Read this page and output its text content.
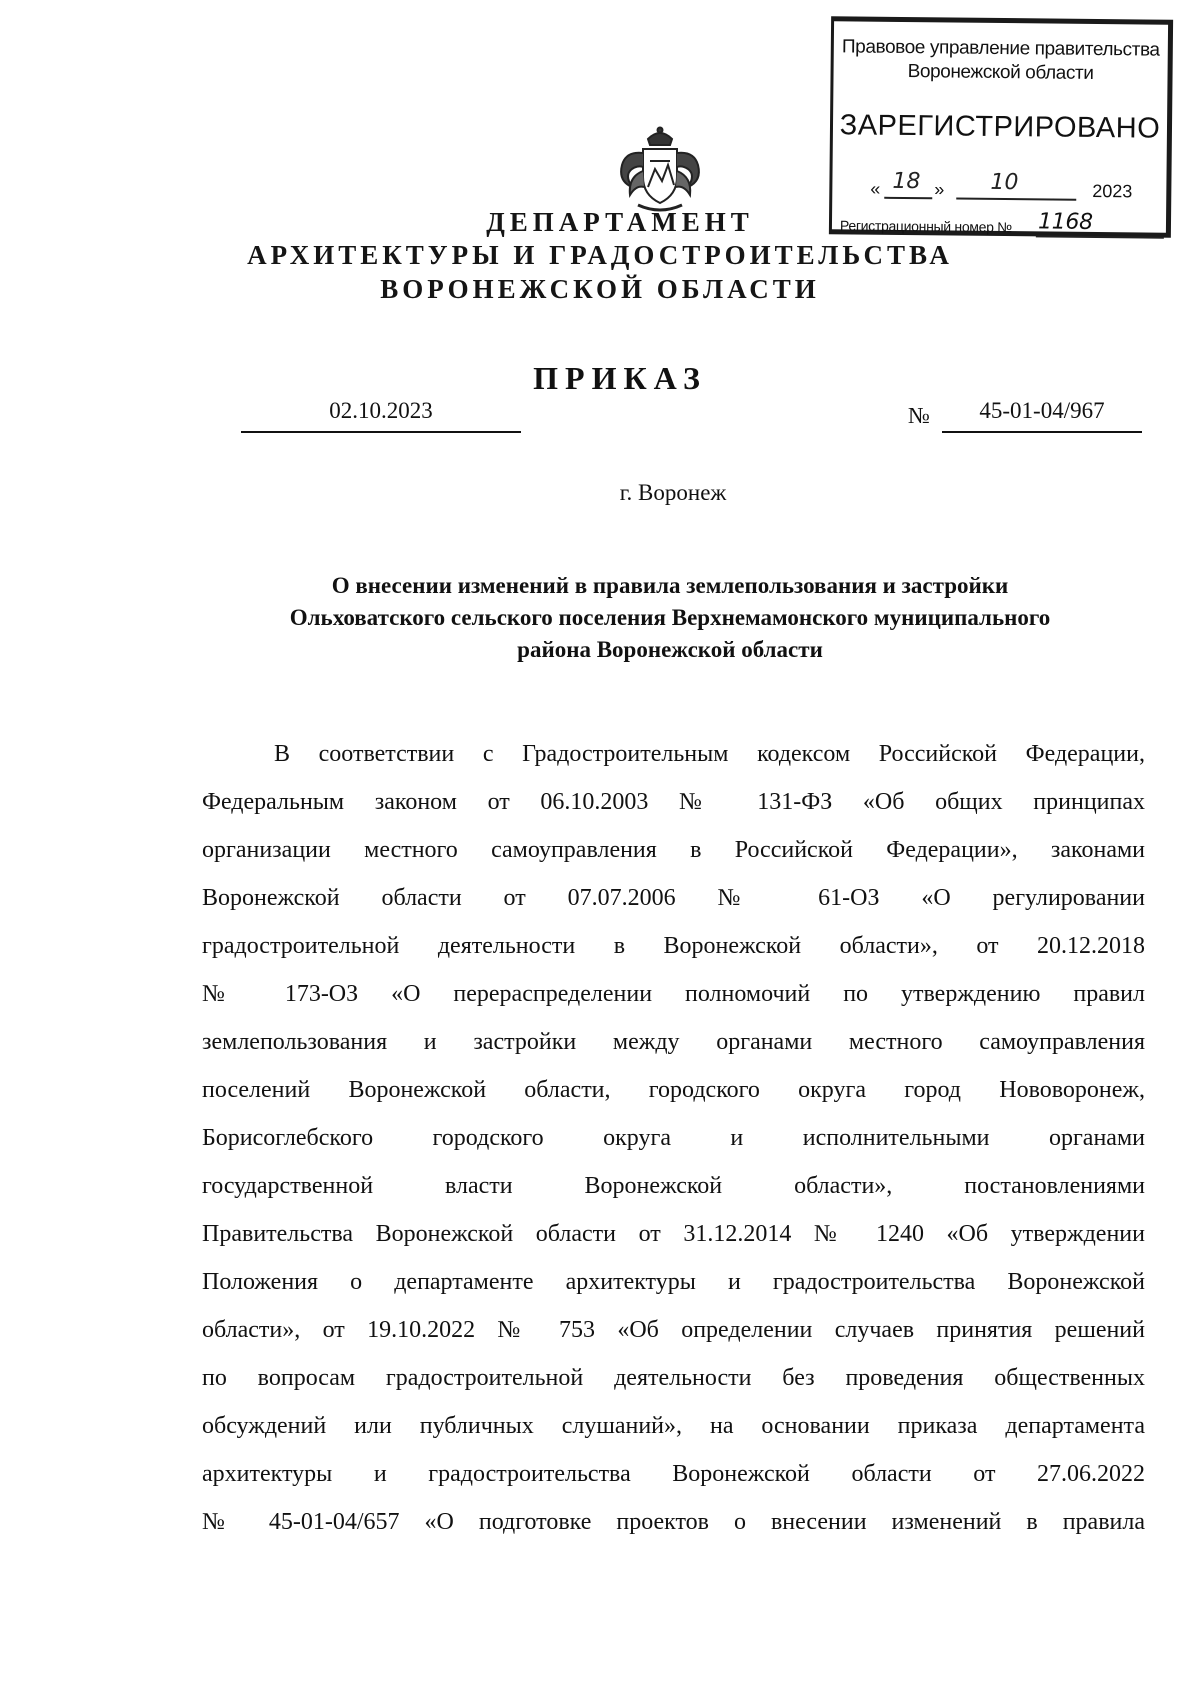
Правовое управление правительства
Воронежской области
ЗАРЕГИСТРИРОВАНО
« 18 » 10	2023
Регистрационный номер № 1168
ДЕПАРТАМЕНТ
АРХИТЕКТУРЫ И ГРАДОСТРОИТЕЛЬСТВА
ВОРОНЕЖСКОЙ ОБЛАСТИ
ПРИКАЗ
02.10.2023	№	45-01-04/967
г. Воронеж
О внесении изменений в правила землепользования и застройки
Ольховатского сельского поселения Верхнемамонского муниципального
района Воронежской области
В соответствии с Градостроительным кодексом Российской Федерации,
Федеральным законом от 06.10.2003 № 131-ФЗ «Об общих принципах
организации местного самоуправления в Российской Федерации», законами
Воронежской области от 07.07.2006 № 61-ОЗ «О регулировании
градостроительной деятельности в Воронежской области», от 20.12.2018
№ 173-ОЗ «О перераспределении полномочий по утверждению правил
землепользования и застройки между органами местного самоуправления
поселений Воронежской области, городского округа город Нововоронеж,
Борисоглебского городского округа и исполнительными органами
государственной власти Воронежской области», постановлениями
Правительства Воронежской области от 31.12.2014 № 1240 «Об утверждении
Положения о департаменте архитектуры и градостроительства Воронежской
области», от 19.10.2022 № 753 «Об определении случаев принятия решений
по вопросам градостроительной деятельности без проведения общественных
обсуждений или публичных слушаний», на основании приказа департамента
архитектуры и градостроительства Воронежской области от 27.06.2022
№ 45-01-04/657 «О подготовке проектов о внесении изменений в правила
